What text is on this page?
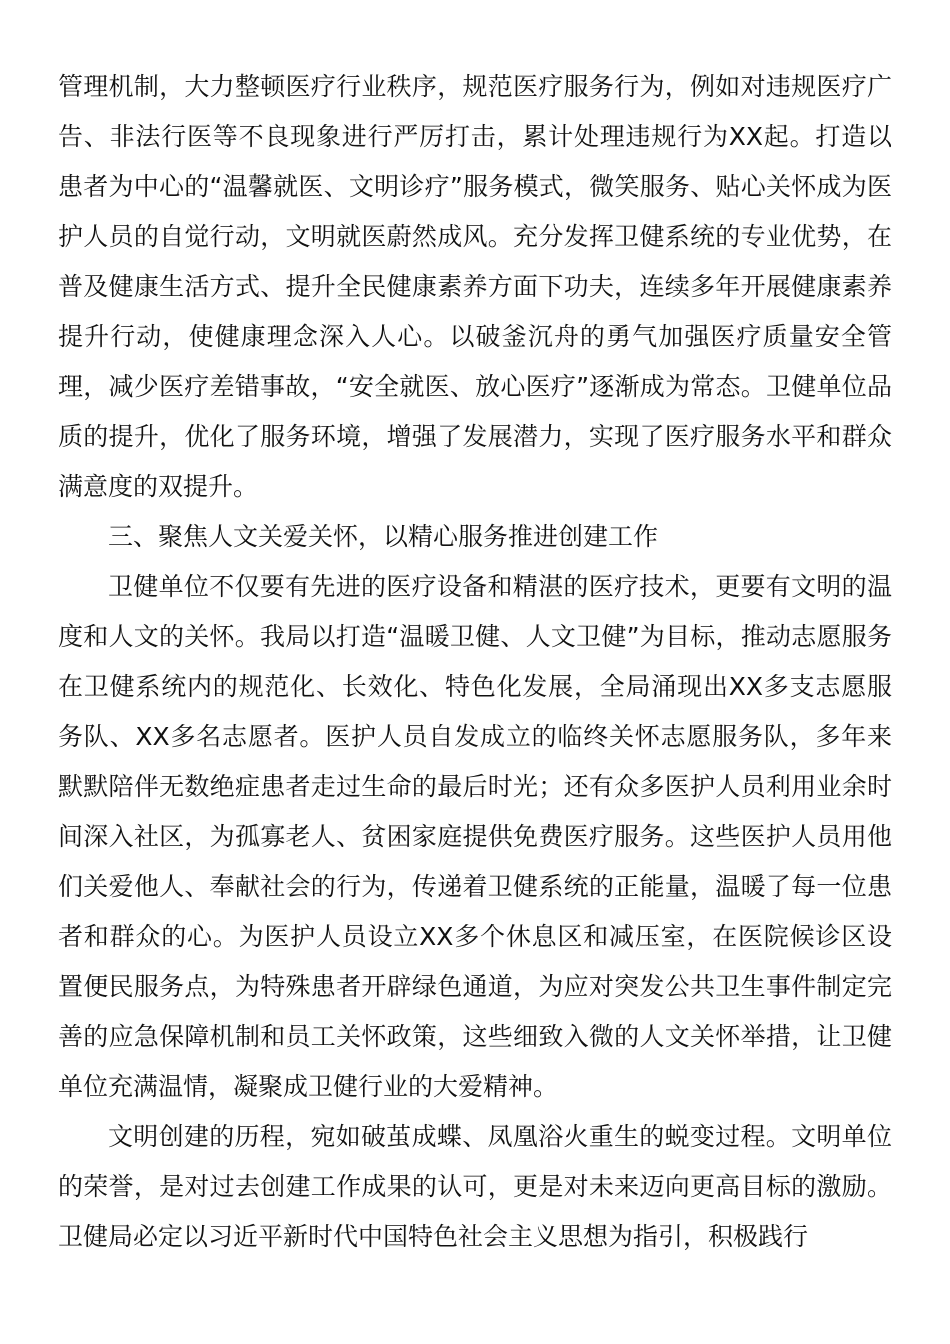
管理机制，大力整顿医疗行业秩序，规范医疗服务行为，例如对违规医疗广告、非法行医等不良现象进行严厉打击，累计处理违规行为XX起。打造以患者为中心的“温馨就医、文明诊疗”服务模式，微笑服务、贴心关怀成为医护人员的自觉行动，文明就医蔚然成风。充分发挥卫健系统的专业优势，在普及健康生活方式、提升全民健康素养方面下功夫，连续多年开展健康素养提升行动，使健康理念深入人心。以破釜沉舟的勇气加强医疗质量安全管理，减少医疗差错事故，“安全就医、放心医疗”逐渐成为常态。卫健单位品质的提升，优化了服务环境，增强了发展潜力，实现了医疗服务水平和群众满意度的双提升。

三、聚焦人文关爱关怀，以精心服务推进创建工作

卫健单位不仅要有先进的医疗设备和精湛的医疗技术，更要有文明的温度和人文的关怀。我局以打造“温暖卫健、人文卫健”为目标，推动志愿服务在卫健系统内的规范化、长效化、特色化发展，全局涌现出XX多支志愿服务队、XX多名志愿者。医护人员自发成立的临终关怀志愿服务队，多年来默默陪伴无数绝症患者走过生命的最后时光；还有众多医护人员利用业余时间深入社区，为孤寡老人、贫困家庭提供免费医疗服务。这些医护人员用他们关爱他人、奉献社会的行为，传递着卫健系统的正能量，温暖了每一位患者和群众的心。为医护人员设立XX多个休息区和减压室，在医院候诊区设置便民服务点，为特殊患者开辟绿色通道，为应对突发公共卫生事件制定完善的应急保障机制和员工关怀政策，这些细致入微的人文关怀举措，让卫健单位充满温情，凝聚成卫健行业的大爱精神。

文明创建的历程，宛如破茧成蝶、凤凰浴火重生的蜕变过程。文明单位的荣誉，是对过去创建工作成果的认可，更是对未来迈向更高目标的激励。卫健局必定以习近平新时代中国特色社会主义思想为指引，积极践行
